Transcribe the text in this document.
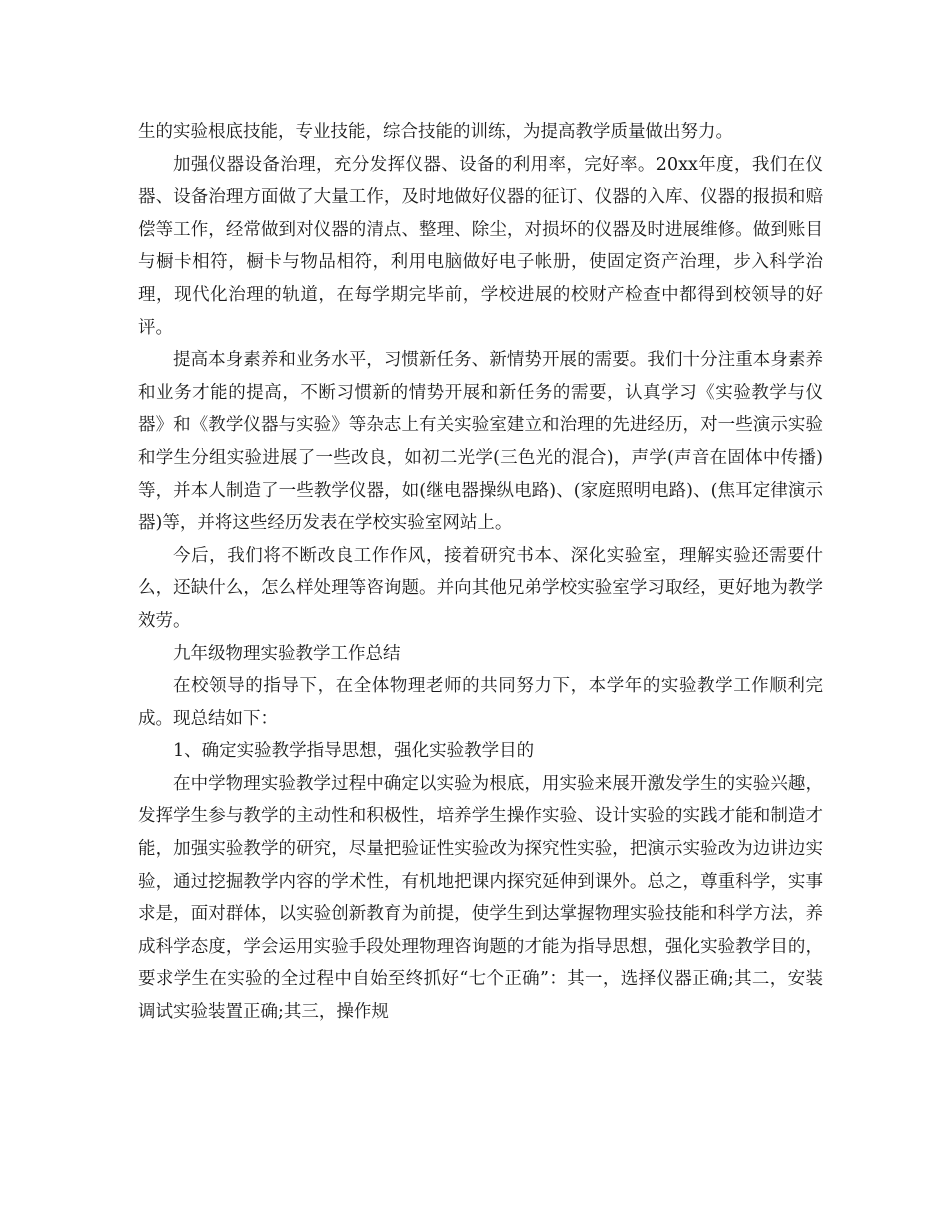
生的实验根底技能，专业技能，综合技能的训练，为提高教学质量做出努力。

加强仪器设备治理，充分发挥仪器、设备的利用率，完好率。20xx年度，我们在仪器、设备治理方面做了大量工作，及时地做好仪器的征订、仪器的入库、仪器的报损和赔偿等工作，经常做到对仪器的清点、整理、除尘，对损坏的仪器及时进展维修。做到账目与橱卡相符，橱卡与物品相符，利用电脑做好电子帐册，使固定资产治理，步入科学治理，现代化治理的轨道，在每学期完毕前，学校进展的校财产检查中都得到校领导的好评。

提高本身素养和业务水平，习惯新任务、新情势开展的需要。我们十分注重本身素养和业务才能的提高，不断习惯新的情势开展和新任务的需要，认真学习《实验教学与仪器》和《教学仪器与实验》等杂志上有关实验室建立和治理的先进经历，对一些演示实验和学生分组实验进展了一些改良，如初二光学(三色光的混合)，声学(声音在固体中传播)等，并本人制造了一些教学仪器，如(继电器操纵电路)、(家庭照明电路)、(焦耳定律演示器)等，并将这些经历发表在学校实验室网站上。

今后，我们将不断改良工作作风，接着研究书本、深化实验室，理解实验还需要什么，还缺什么，怎么样处理等咨询题。并向其他兄弟学校实验室学习取经，更好地为教学效劳。

九年级物理实验教学工作总结

在校领导的指导下，在全体物理老师的共同努力下，本学年的实验教学工作顺利完成。现总结如下：

1、确定实验教学指导思想，强化实验教学目的

在中学物理实验教学过程中确定以实验为根底，用实验来展开激发学生的实验兴趣，发挥学生参与教学的主动性和积极性，培养学生操作实验、设计实验的实践才能和制造才能，加强实验教学的研究，尽量把验证性实验改为探究性实验，把演示实验改为边讲边实验，通过挖掘教学内容的学术性，有机地把课内探究延伸到课外。总之，尊重科学，实事求是，面对群体，以实验创新教育为前提，使学生到达掌握物理实验技能和科学方法，养成科学态度，学会运用实验手段处理物理咨询题的才能为指导思想，强化实验教学目的，要求学生在实验的全过程中自始至终抓好“七个正确”：其一，选择仪器正确;其二，安装调试实验装置正确;其三，操作规
